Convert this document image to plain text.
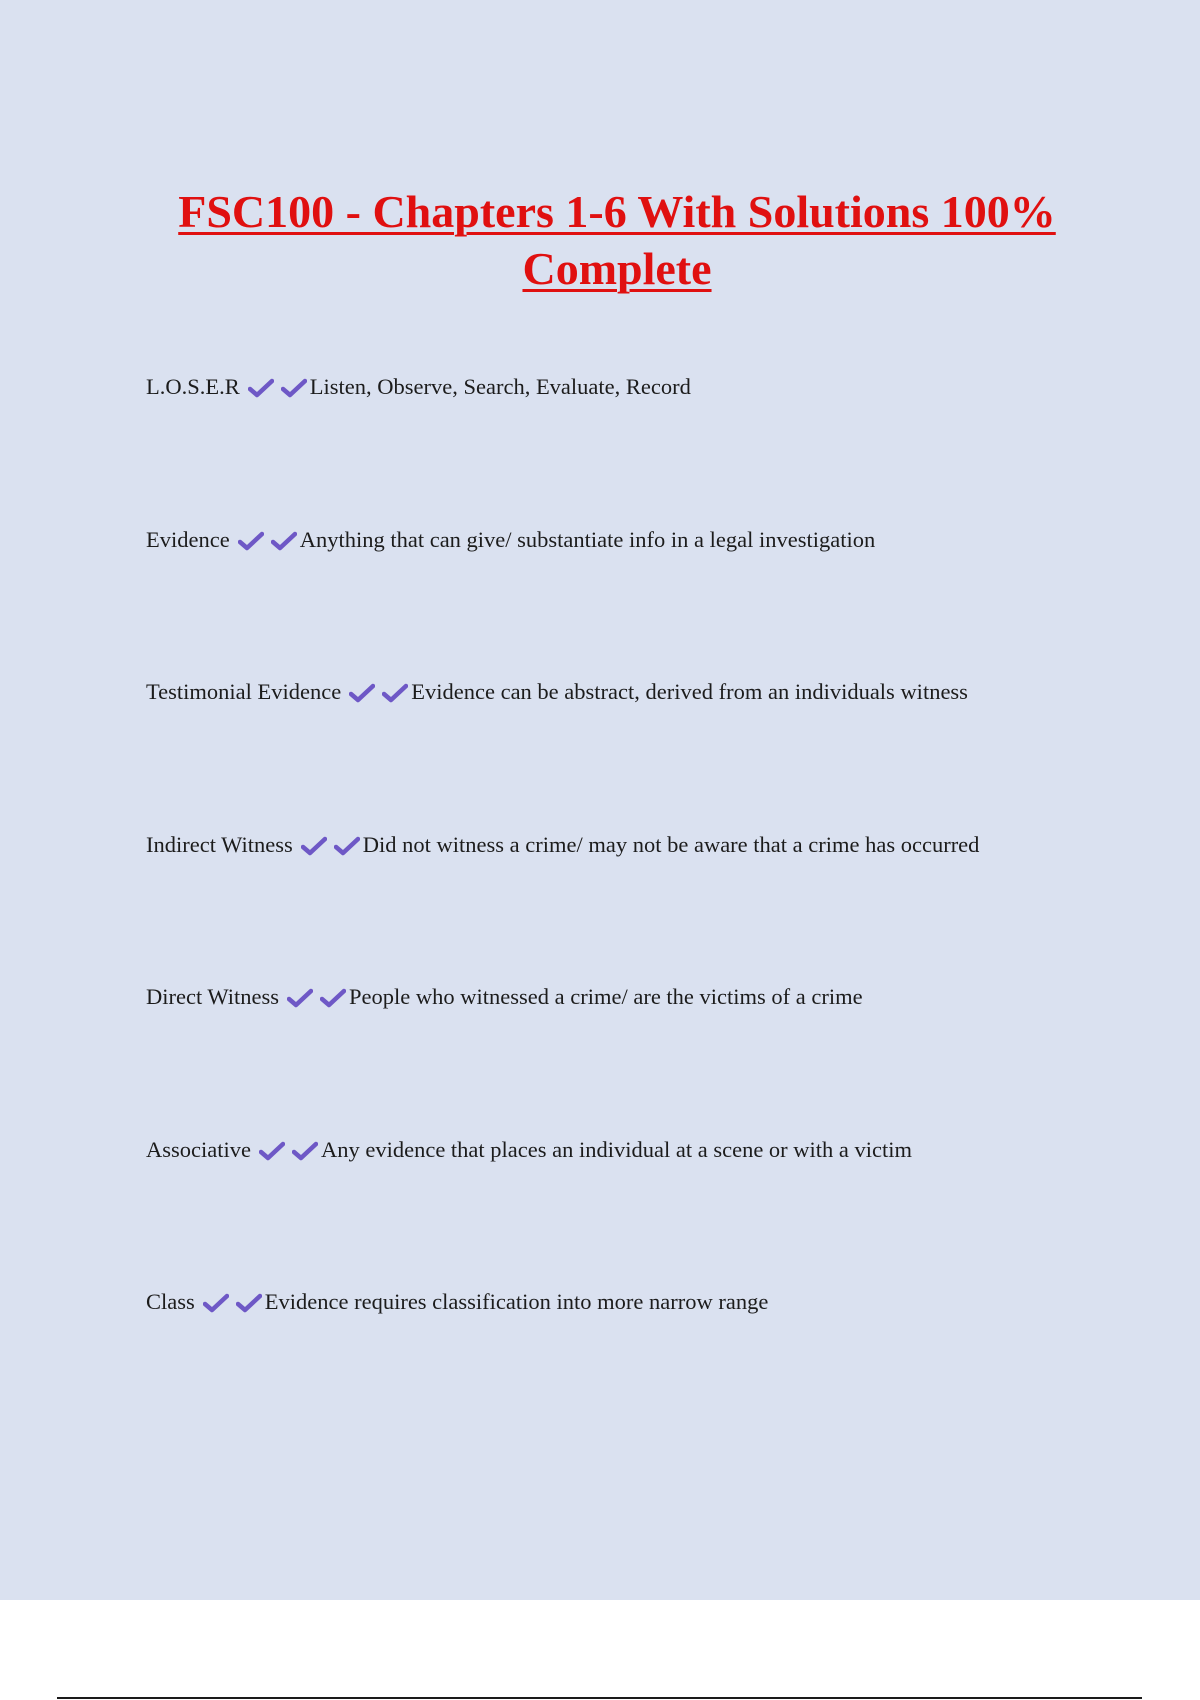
FSC100 - Chapters 1-6 With Solutions 100% Complete
L.O.S.E.R	Listen, Observe, Search, Evaluate, Record
Evidence	Anything that can give/ substantiate info in a legal investigation
Testimonial Evidence	Evidence can be abstract, derived from an individuals witness
Indirect Witness	Did not witness a crime/ may not be aware that a crime has occurred
Direct Witness	People who witnessed a crime/ are the victims of a crime
Associative	Any evidence that places an individual at a scene or with a victim
Class	Evidence requires classification into more narrow range
